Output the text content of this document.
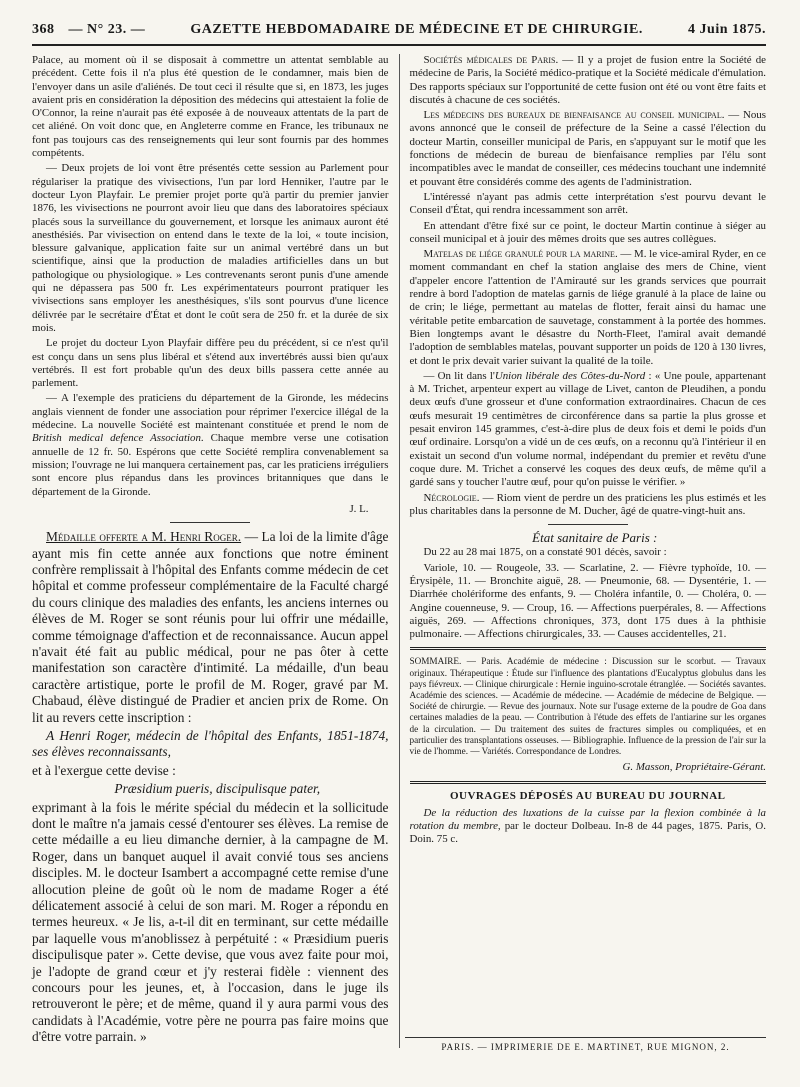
368 — N° 23. —	GAZETTE HEBDOMADAIRE DE MÉDECINE ET DE CHIRURGIE.	4 Juin 1875.

Palace, au moment où il se disposait à commettre un attentat semblable au précédent. Cette fois il n'a plus été question de le condamner, mais bien de l'envoyer dans un asile d'aliénés. De tout ceci il résulte que si, en 1873, les juges avaient pris en considération la déposition des médecins qui attestaient la folie de O'Connor, la reine n'aurait pas été exposée à de nouveaux attentats de la part de cet aliéné. On voit donc que, en Angleterre comme en France, les tribunaux ne font pas toujours cas des renseignements qui leur sont fournis par des hommes compétents.

— Deux projets de loi vont être présentés cette session au Parlement pour régulariser la pratique des vivisections, l'un par lord Henniker, l'autre par le docteur Lyon Playfair. Le premier projet porte qu'à partir du premier janvier 1876, les vivisections ne pourront avoir lieu que dans des laboratoires spéciaux placés sous la surveillance du gouvernement, et lorsque les animaux auront été anesthésiés. Par vivisection on entend dans le texte de la loi, « toute incision, blessure galvanique, application faite sur un animal vertébré dans un but scientifique, ainsi que la production de maladies artificielles dans un but pathologique ou physiologique. » Les contrevenants seront punis d'une amende qui ne dépassera pas 500 fr. Les expérimentateurs pourront pratiquer les vivisections sans employer les anesthésiques, s'ils sont pourvus d'une licence délivrée par le secrétaire d'État et dont le coût sera de 250 fr. et la durée de six mois.

Le projet du docteur Lyon Playfair diffère peu du précédent, si ce n'est qu'il est conçu dans un sens plus libéral et s'étend aux invertébrés aussi bien qu'aux vertébrés. Il est fort probable qu'un des deux bills passera cette année au parlement.

— A l'exemple des praticiens du département de la Gironde, les médecins anglais viennent de fonder une association pour réprimer l'exercice illégal de la médecine. La nouvelle Société est maintenant constituée et prend le nom de British medical defence Association. Chaque membre verse une cotisation annuelle de 12 fr. 50. Espérons que cette Société remplira convenablement sa mission; l'ouvrage ne lui manquera certainement pas, car les praticiens irréguliers sont encore plus répandus dans les provinces britanniques que dans le département de la Gironde.

J. L.

Médaille offerte a M. Henri Roger. — La loi de la limite d'âge ayant mis fin cette année aux fonctions que notre éminent confrère remplissait à l'hôpital des Enfants comme médecin de cet hôpital et comme professeur complémentaire de la Faculté chargé du cours clinique des maladies des enfants, les anciens internes ou élèves de M. Roger se sont réunis pour lui offrir une médaille, comme témoignage d'affection et de reconnaissance. Aucun appel n'avait été fait au public médical, pour ne pas ôter à cette manifestation son caractère d'intimité. La médaille, d'un beau caractère artistique, porte le profil de M. Roger, gravé par M. Chabaud, élève distingué de Pradier et ancien prix de Rome. On lit au revers cette inscription :

A Henri Roger, médecin de l'hôpital des Enfants, 1851-1874, ses élèves reconnaissants,

et à l'exergue cette devise :

Præsidium pueris, discipulisque pater,

exprimant à la fois le mérite spécial du médecin et la sollicitude dont le maître n'a jamais cessé d'entourer ses élèves. La remise de cette médaille a eu lieu dimanche dernier, à la campagne de M. Roger, dans un banquet auquel il avait convié tous ses anciens disciples. M. le docteur Isambert a accompagné cette remise d'une allocution pleine de goût où le nom de madame Roger a été délicatement associé à celui de son mari. M. Roger a répondu en termes heureux. « Je lis, a-t-il dit en terminant, sur cette médaille par laquelle vous m'anoblissez à perpétuité : « Præsidium pueris discipulisque pater ». Cette devise, que vous avez faite pour moi, je l'adopte de grand cœur et j'y resterai fidèle : viennent des concours pour les jeunes, et, à l'occasion, dans le juge ils retrouveront le père; et de même, quand il y aura parmi vous des candidats à l'Académie, votre père ne pourra pas faire moins que d'être votre parrain. »

Sociétés médicales de Paris. — Il y a projet de fusion entre la Société de médecine de Paris, la Société médico-pratique et la Société médicale d'émulation. Des rapports spéciaux sur l'opportunité de cette fusion ont été ou vont être faits et discutés à chacune de ces sociétés.

Les médecins des bureaux de bienfaisance au conseil municipal. — Nous avons annoncé que le conseil de préfecture de la Seine a cassé l'élection du docteur Martin, conseiller municipal de Paris, en s'appuyant sur le motif que les fonctions de médecin de bureau de bienfaisance remplies par l'élu sont incompatibles avec le mandat de conseiller, ces médecins touchant une indemnité et pouvant être considérés comme des agents de l'administration.

L'intéressé n'ayant pas admis cette interprétation s'est pourvu devant le Conseil d'État, qui rendra incessamment son arrêt.

En attendant d'être fixé sur ce point, le docteur Martin continue à siéger au conseil municipal et à jouir des mêmes droits que ses autres collègues.

Matelas de liége granulé pour la marine. — M. le vice-amiral Ryder, en ce moment commandant en chef la station anglaise des mers de Chine, vient d'appeler encore l'attention de l'Amirauté sur les grands services que pourrait rendre à bord l'adoption de matelas garnis de liége granulé à la place de laine ou de crin; le liége, permettant au matelas de flotter, ferait ainsi du hamac une véritable petite embarcation de sauvetage, constamment à la portée des hommes. Bien longtemps avant le désastre du North-Fleet, l'amiral avait demandé l'adoption de semblables matelas, pouvant supporter un poids de 120 à 130 livres, et dont le prix devait varier suivant la qualité de la toile.

— On lit dans l'Union libérale des Côtes-du-Nord : « Une poule, appartenant à M. Trichet, arpenteur expert au village de Livet, canton de Pleudihen, a pondu deux œufs d'une grosseur et d'une conformation extraordinaires. Chacun de ces œufs mesurait 19 centimètres de circonférence dans sa partie la plus grosse et pesait environ 145 grammes, c'est-à-dire plus de deux fois et demi le poids d'un œuf ordinaire. Lorsqu'on a vidé un de ces œufs, on a reconnu qu'à l'intérieur il en existait un second d'un volume normal, indépendant du premier et revêtu d'une coque dure. M. Trichet a conservé les coques des deux œufs, de même qu'il a gardé sans y toucher l'autre œuf, pour qu'on puisse le vérifier. »

Nécrologie. — Riom vient de perdre un des praticiens les plus estimés et les plus charitables dans la personne de M. Ducher, âgé de quatre-vingt-huit ans.

État sanitaire de Paris :

Du 22 au 28 mai 1875, on a constaté 901 décès, savoir :

Variole, 10. — Rougeole, 33. — Scarlatine, 2. — Fièvre typhoïde, 10. — Érysipèle, 11. — Bronchite aiguë, 28. — Pneumonie, 68. — Dysentérie, 1. — Diarrhée cholériforme des enfants, 9. — Choléra infantile, 0. — Choléra, 0. — Angine couenneuse, 9. — Croup, 16. — Affections puerpérales, 8. — Affections aiguës, 269. — Affections chroniques, 373, dont 175 dues à la phthisie pulmonaire. — Affections chirurgicales, 33. — Causes accidentelles, 21.

SOMMAIRE. — Paris. Académie de médecine : Discussion sur le scorbut. — Travaux originaux. Thérapeutique : Étude sur l'influence des plantations d'Eucalyptus globulus dans les pays fiévreux. — Clinique chirurgicale : Hernie inguino-scrotale étranglée. — Sociétés savantes. Académie des sciences. — Académie de médecine. — Académie de médecine de Belgique. — Société de chirurgie. — Revue des journaux. Note sur l'usage externe de la poudre de Goa dans certaines maladies de la peau. — Contribution à l'étude des effets de l'antiarine sur les organes de la circulation. — Du traitement des suites de fractures simples ou compliquées, et en particulier des transplantations osseuses. — Bibliographie. Influence de la pression de l'air sur la vie de l'homme. — Variétés. Correspondance de Londres.

G. Masson, Propriétaire-Gérant.

OUVRAGES DÉPOSÉS AU BUREAU DU JOURNAL

De la réduction des luxations de la cuisse par la flexion combinée à la rotation du membre, par le docteur Dolbeau. In-8 de 44 pages, 1875. Paris, O. Doin. 75 c.

PARIS. — IMPRIMERIE DE E. MARTINET, RUE MIGNON, 2.
